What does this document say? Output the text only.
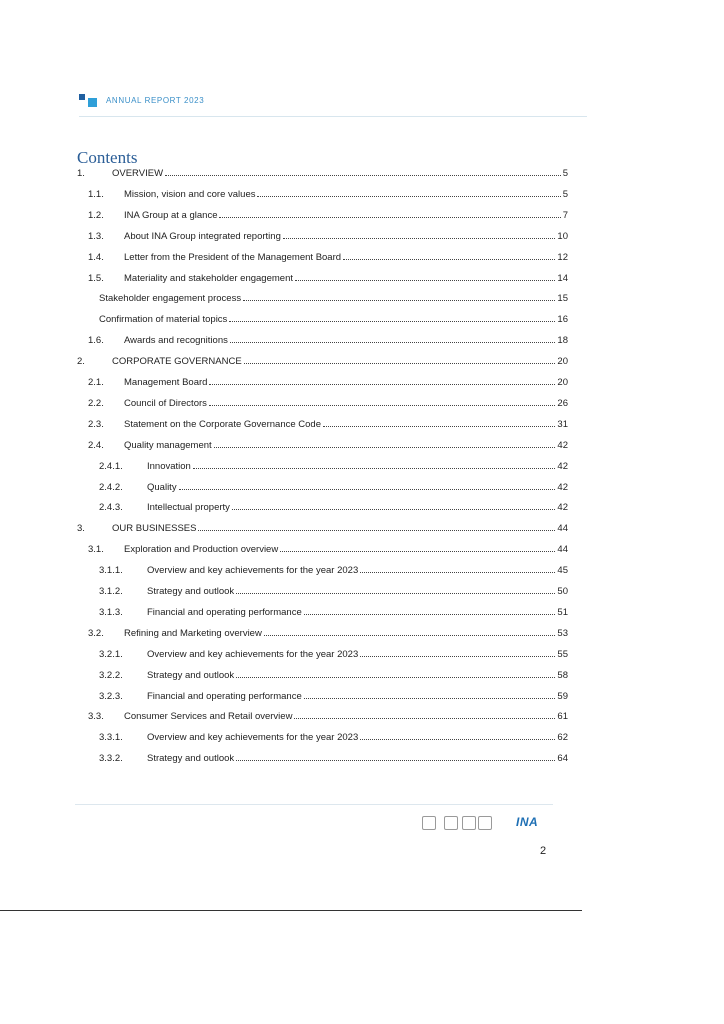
ANNUAL REPORT 2023
Contents
1.	OVERVIEW	5
1.1. Mission, vision and core values	5
1.2. INA Group at a glance	7
1.3. About INA Group integrated reporting	10
1.4. Letter from the President of the Management Board	12
1.5. Materiality and stakeholder engagement	14
Stakeholder engagement process	15
Confirmation of material topics	16
1.6. Awards and recognitions	18
2.	CORPORATE GOVERNANCE	20
2.1. Management Board	20
2.2. Council of Directors	26
2.3. Statement on the Corporate Governance Code	31
2.4. Quality management	42
2.4.1.	Innovation	42
2.4.2.	Quality	42
2.4.3.	Intellectual property	42
3.	OUR BUSINESSES	44
3.1. Exploration and Production overview	44
3.1.1.	Overview and key achievements for the year 2023	45
3.1.2.	Strategy and outlook	50
3.1.3.	Financial and operating performance	51
3.2. Refining and Marketing overview	53
3.2.1.	Overview and key achievements for the year 2023	55
3.2.2.	Strategy and outlook	58
3.2.3.	Financial and operating performance	59
3.3. Consumer Services and Retail overview	61
3.3.1.	Overview and key achievements for the year 2023	62
3.3.2.	Strategy and outlook	64
INA
2
